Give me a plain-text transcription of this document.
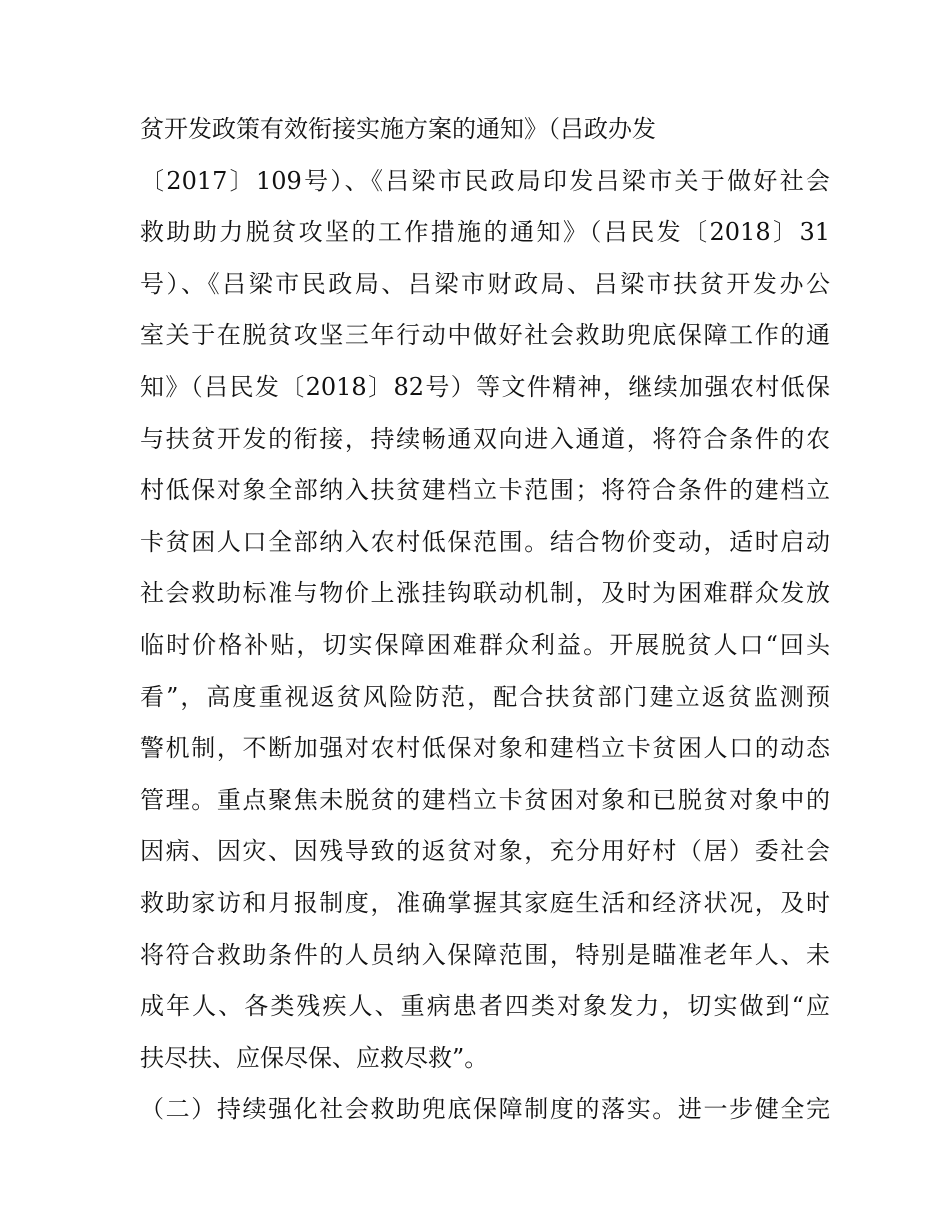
贫开发政策有效衔接实施方案的通知》（吕政办发
〔2017〕109号）、《吕梁市民政局印发吕梁市关于做好社会
救助助力脱贫攻坚的工作措施的通知》（吕民发〔2018〕31
号）、《吕梁市民政局、吕梁市财政局、吕梁市扶贫开发办公
室关于在脱贫攻坚三年行动中做好社会救助兜底保障工作的通
知》（吕民发〔2018〕82号）等文件精神，继续加强农村低保
与扶贫开发的衔接，持续畅通双向进入通道，将符合条件的农
村低保对象全部纳入扶贫建档立卡范围；将符合条件的建档立
卡贫困人口全部纳入农村低保范围。结合物价变动，适时启动
社会救助标准与物价上涨挂钩联动机制，及时为困难群众发放
临时价格补贴，切实保障困难群众利益。开展脱贫人口“回头
看”，高度重视返贫风险防范，配合扶贫部门建立返贫监测预
警机制，不断加强对农村低保对象和建档立卡贫困人口的动态
管理。重点聚焦未脱贫的建档立卡贫困对象和已脱贫对象中的
因病、因灾、因残导致的返贫对象，充分用好村（居）委社会
救助家访和月报制度，准确掌握其家庭生活和经济状况，及时
将符合救助条件的人员纳入保障范围，特别是瞄准老年人、未
成年人、各类残疾人、重病患者四类对象发力，切实做到“应
扶尽扶、应保尽保、应救尽救”。
（二）持续强化社会救助兜底保障制度的落实。进一步健全完
